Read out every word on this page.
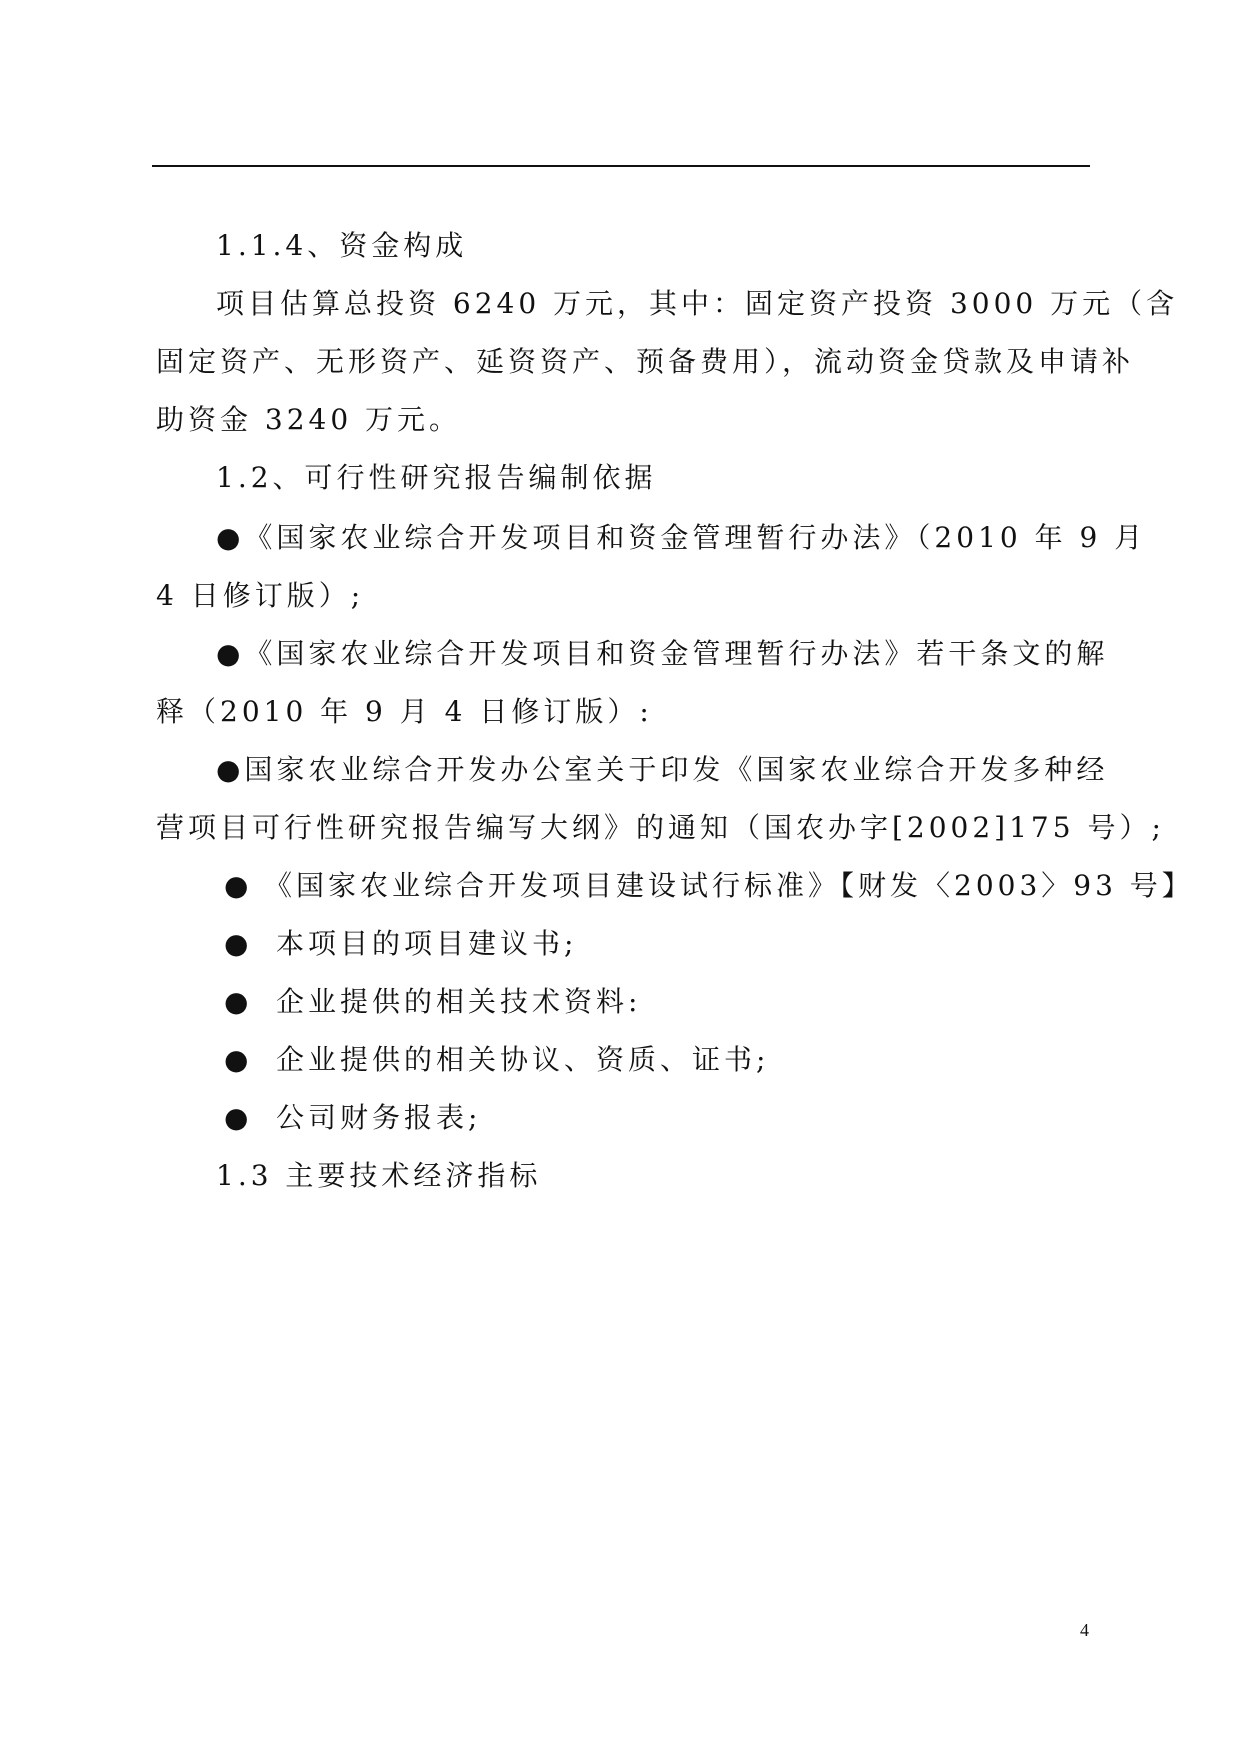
1.1.4、资金构成
项目估算总投资 6240 万元，其中：固定资产投资 3000 万元（含
固定资产、无形资产、延资资产、预备费用），流动资金贷款及申请补
助资金 3240 万元。
1.2、可行性研究报告编制依据
●《国家农业综合开发项目和资金管理暂行办法》（2010 年 9 月
4 日修订版）;
●《国家农业综合开发项目和资金管理暂行办法》若干条文的解
释（2010 年 9 月 4 日修订版）:
●国家农业综合开发办公室关于印发《国家农业综合开发多种经
营项目可行性研究报告编写大纲》的通知（国农办字[2002]175 号）;
● 《国家农业综合开发项目建设试行标准》【财发〈2003〉93 号】
● 本项目的项目建议书;
● 企业提供的相关技术资料:
● 企业提供的相关协议、资质、证书;
● 公司财务报表;
1.3 主要技术经济指标
4
